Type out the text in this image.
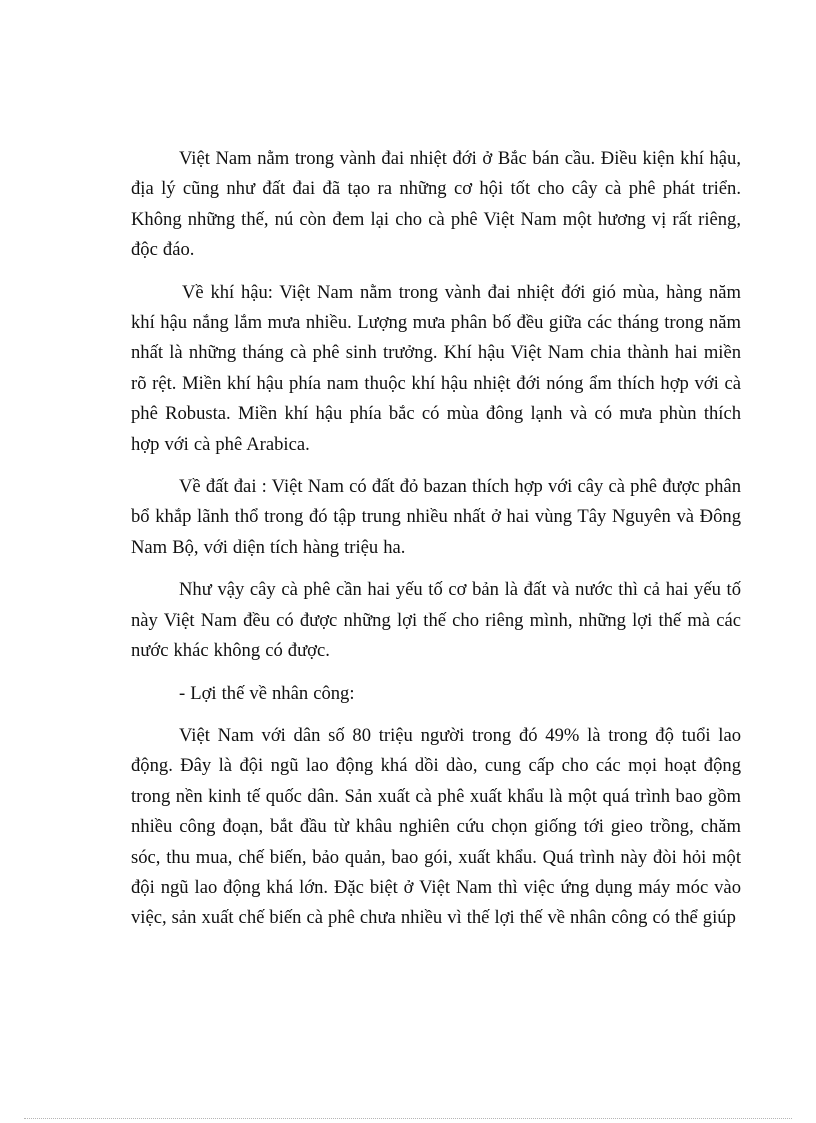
Việt Nam nằm trong vành đai nhiệt đới ở Bắc bán cầu. Điều kiện khí hậu, địa lý cũng như đất đai đã tạo ra những cơ hội tốt cho cây cà phê phát triển. Không những thế, nú còn đem lại cho cà phê Việt Nam một hương vị rất riêng, độc đáo.

Về khí hậu: Việt Nam nằm trong vành đai nhiệt đới gió mùa, hàng năm khí hậu nắng lắm mưa nhiều. Lượng mưa phân bố đều giữa các tháng trong năm nhất là những tháng cà phê sinh trưởng. Khí hậu Việt Nam chia thành hai miền rõ rệt. Miền khí hậu phía nam thuộc khí hậu nhiệt đới nóng ẩm thích hợp với cà phê Robusta. Miền khí hậu phía bắc có mùa đông lạnh và có mưa phùn thích hợp với cà phê Arabica.

Về đất đai : Việt Nam có đất đỏ bazan thích hợp với cây cà phê được phân bổ khắp lãnh thổ trong đó tập trung nhiều nhất ở hai vùng Tây Nguyên và Đông Nam Bộ, với diện tích hàng triệu ha.

Như vậy cây cà phê cần hai yếu tố cơ bản là đất và nước thì cả hai yếu tố này Việt Nam đều có được những lợi thế cho riêng mình, những lợi thế mà các nước khác không có được.

- Lợi thế về nhân công:

Việt Nam với dân số 80 triệu người trong đó 49% là trong độ tuổi lao động. Đây là đội ngũ lao động khá dồi dào, cung cấp cho các mọi hoạt động trong nền kinh tế quốc dân. Sản xuất cà phê xuất khẩu là một quá trình bao gồm nhiều công đoạn, bắt đầu từ khâu nghiên cứu chọn giống tới gieo trồng, chăm sóc, thu mua, chế biến, bảo quản, bao gói, xuất khẩu. Quá trình này đòi hỏi một đội ngũ lao động khá lớn. Đặc biệt ở Việt Nam thì việc ứng dụng máy móc vào việc, sản xuất chế biến cà phê chưa nhiều vì thế lợi thế về nhân công có thể giúp
